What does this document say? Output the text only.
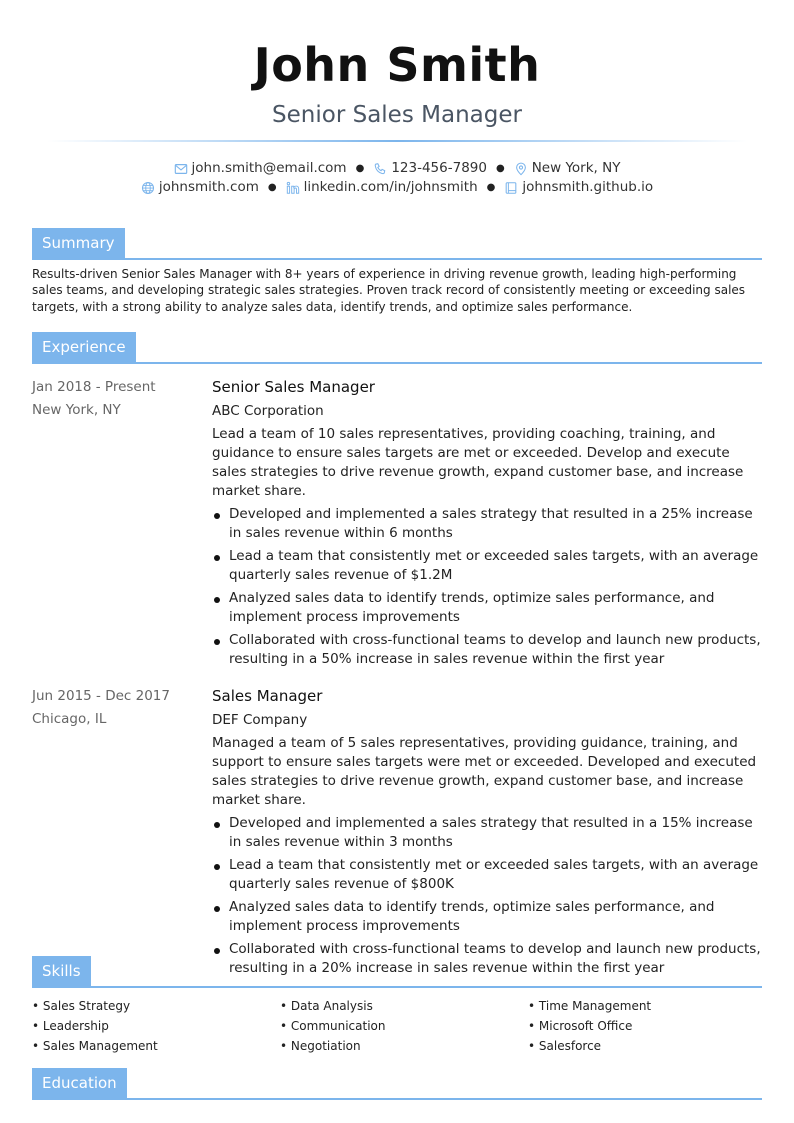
John Smith
Senior Sales Manager
john.smith@email.com ● 123-456-7890 ● New York, NY
johnsmith.com ● linkedin.com/in/johnsmith ● johnsmith.github.io
Summary

Results-driven Senior Sales Manager with 8+ years of experience in driving revenue growth, leading high-performing sales teams, and developing strategic sales strategies. Proven track record of consistently meeting or exceeding sales targets, with a strong ability to analyze sales data, identify trends, and optimize sales performance.

Experience
Jan 2018 - Present
New York, NY
Senior Sales Manager
ABC Corporation

Lead a team of 10 sales representatives, providing coaching, training, and guidance to ensure sales targets are met or exceeded. Develop and execute sales strategies to drive revenue growth, expand customer base, and increase market share.

Developed and implemented a sales strategy that resulted in a 25% increase in sales revenue within 6 months
Lead a team that consistently met or exceeded sales targets, with an average quarterly sales revenue of $1.2M
Analyzed sales data to identify trends, optimize sales performance, and implement process improvements
Collaborated with cross-functional teams to develop and launch new products, resulting in a 50% increase in sales revenue within the first year
Jun 2015 - Dec 2017
Chicago, IL
Sales Manager
DEF Company

Managed a team of 5 sales representatives, providing guidance, training, and support to ensure sales targets were met or exceeded. Developed and executed sales strategies to drive revenue growth, expand customer base, and increase market share.

Developed and implemented a sales strategy that resulted in a 15% increase in sales revenue within 3 months
Lead a team that consistently met or exceeded sales targets, with an average quarterly sales revenue of $800K
Analyzed sales data to identify trends, optimize sales performance, and implement process improvements
Collaborated with cross-functional teams to develop and launch new products, resulting in a 20% increase in sales revenue within the first year
Skills
• Sales Strategy	• Data Analysis	• Time Management
• Leadership	• Communication	• Microsoft Office
• Sales Management	• Negotiation	• Salesforce
Education
